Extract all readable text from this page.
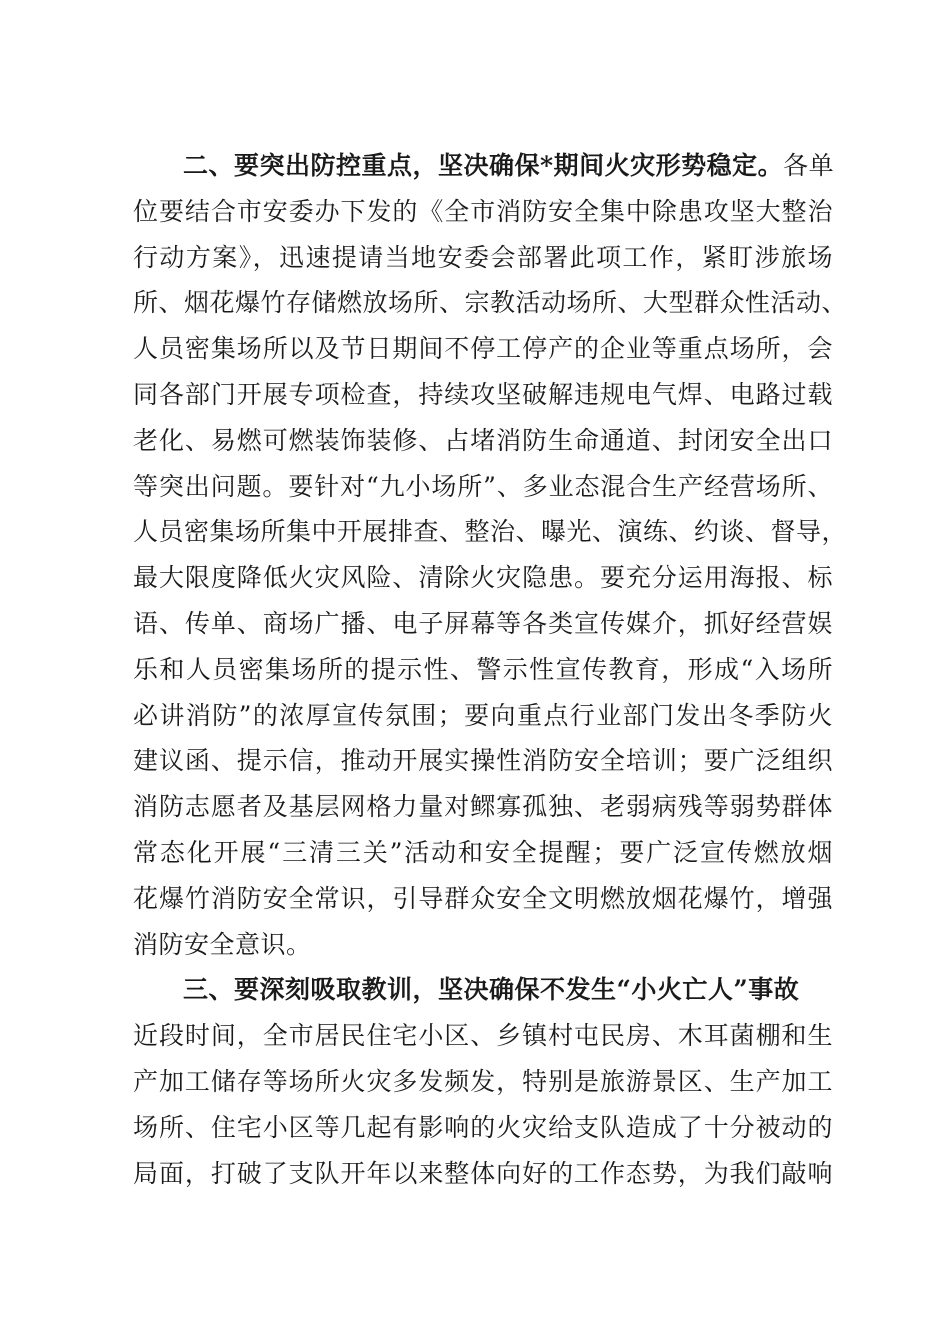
二、要突出防控重点，坚决确保*期间火灾形势稳定。各单
位要结合市安委办下发的《全市消防安全集中除患攻坚大整治
行动方案》，迅速提请当地安委会部署此项工作，紧盯涉旅场
所、烟花爆竹存储燃放场所、宗教活动场所、大型群众性活动、
人员密集场所以及节日期间不停工停产的企业等重点场所，会
同各部门开展专项检查，持续攻坚破解违规电气焊、电路过载
老化、易燃可燃装饰装修、占堵消防生命通道、封闭安全出口
等突出问题。要针对“九小场所”、多业态混合生产经营场所、
人员密集场所集中开展排查、整治、曝光、演练、约谈、督导，
最大限度降低火灾风险、清除火灾隐患。要充分运用海报、标
语、传单、商场广播、电子屏幕等各类宣传媒介，抓好经营娱
乐和人员密集场所的提示性、警示性宣传教育，形成“入场所
必讲消防”的浓厚宣传氛围；要向重点行业部门发出冬季防火
建议函、提示信，推动开展实操性消防安全培训；要广泛组织
消防志愿者及基层网格力量对鳏寡孤独、老弱病残等弱势群体
常态化开展“三清三关”活动和安全提醒；要广泛宣传燃放烟
花爆竹消防安全常识，引导群众安全文明燃放烟花爆竹，增强
消防安全意识。
三、要深刻吸取教训，坚决确保不发生“小火亡人”事故
近段时间，全市居民住宅小区、乡镇村屯民房、木耳菌棚和生
产加工储存等场所火灾多发频发，特别是旅游景区、生产加工
场所、住宅小区等几起有影响的火灾给支队造成了十分被动的
局面，打破了支队开年以来整体向好的工作态势，为我们敲响
